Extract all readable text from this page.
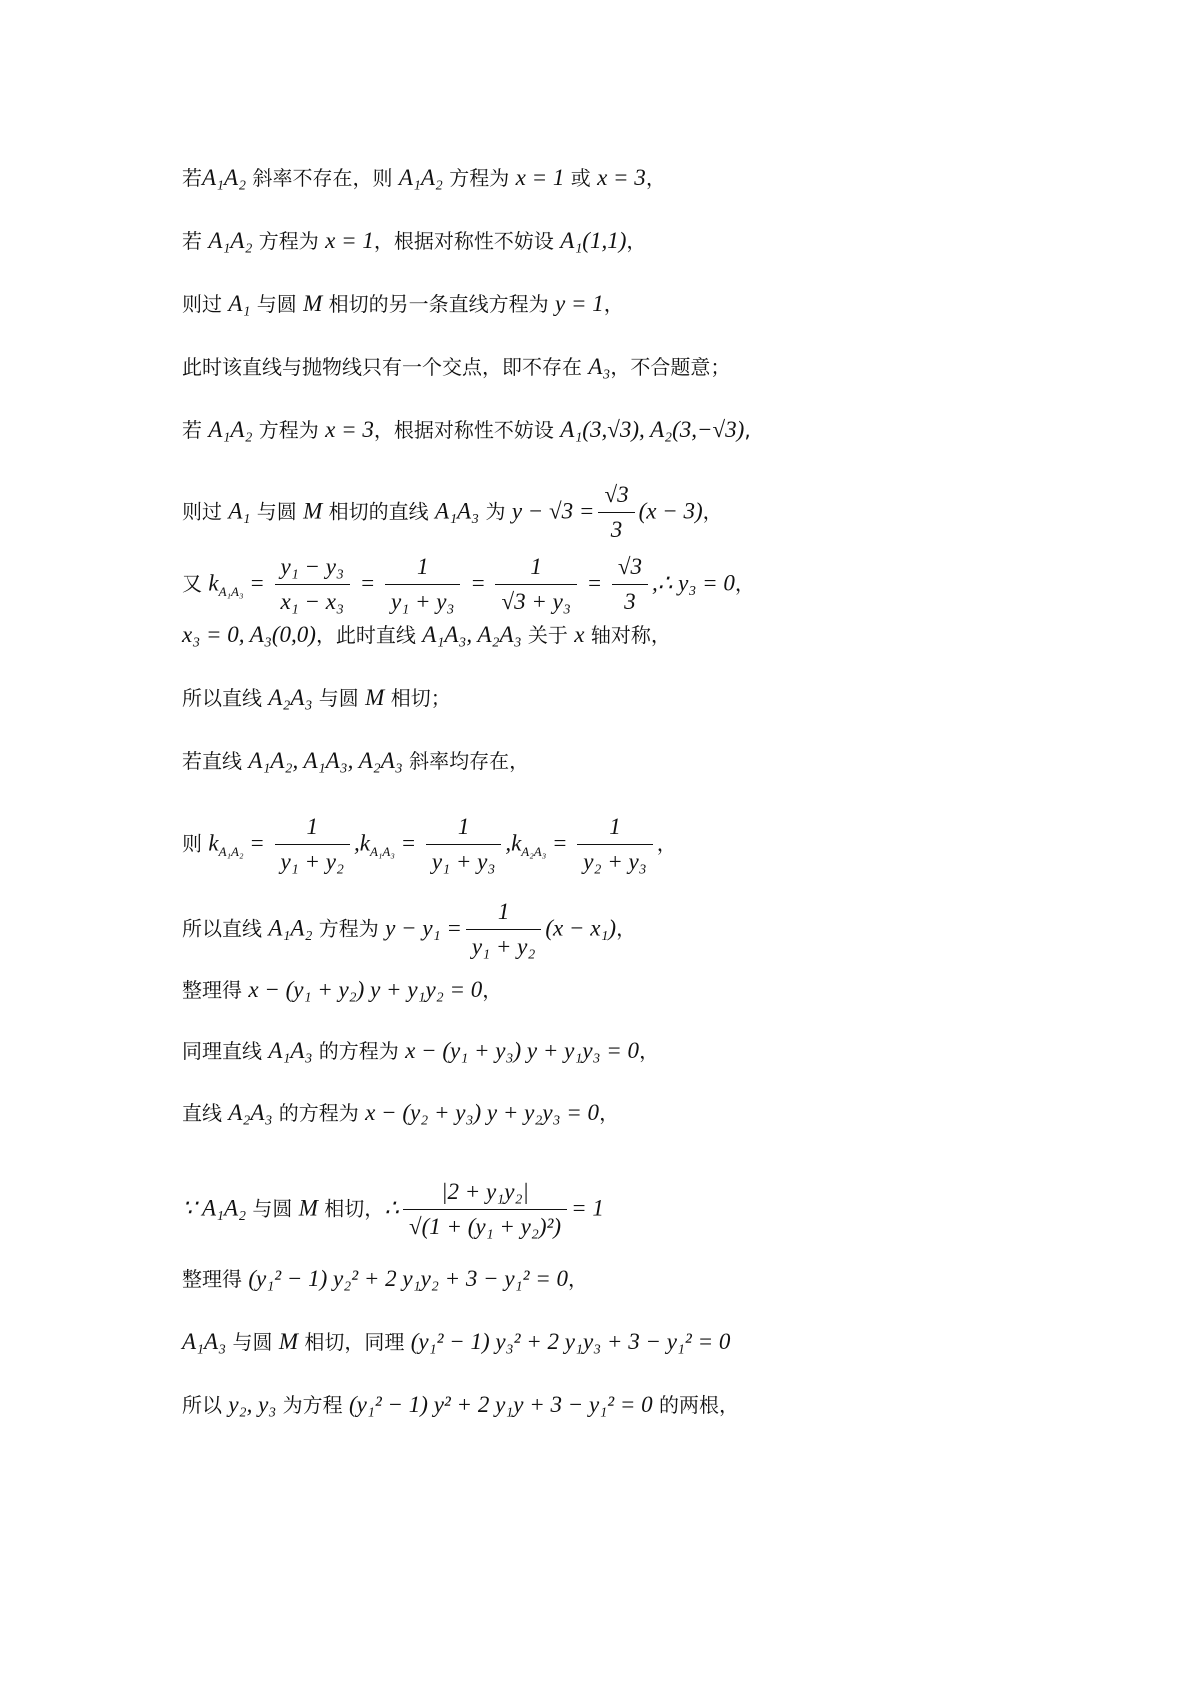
若A₁A₂ 斜率不存在，则 A₁A₂ 方程为 x = 1 或 x = 3，
若 A₁A₂ 方程为 x = 1，根据对称性不妨设 A₁(1,1)，
则过 A₁ 与圆 M 相切的另一条直线方程为 y = 1，
此时该直线与抛物线只有一个交点，即不存在 A₃，不合题意；
若 A₁A₂ 方程为 x = 3，根据对称性不妨设 A₁(3,√3), A₂(3,−√3),
则过 A₁ 与圆 M 相切的直线 A₁A₃ 为 $y - √3 = \frac{√3}{3} (x - 3)$，
又 $k_{A_1A_3} = \frac{\text{y₁ − y₃}}{\text{x₁ − x₃}} = \frac{1}{\text{y₁ + y₃}} = \frac{1}{\text{√3 + y₃}} = \frac{√3}{3}$ ,∴ y₃ = 0，
x₃ = 0, A₃(0,0)，此时直线 A₁A₃, A₂A₃ 关于 x 轴对称，
所以直线 A₂A₃ 与圆 M 相切；
若直线 A₁A₂, A₁A₃, A₂A₃ 斜率均存在，
则 $k_{A_1A_2} = \frac{1}{\text{y₁ + y₂}} ,k_{A_1A_3} = \frac{1}{\text{y₁ + y₃}} ,k_{A_2A_3} = \frac{1}{\text{y₂ + y₃}}$ ，
所以直线 A₁A₂ 方程为 $y - y_1 = \frac{1}{\text{y₁ + y₂}} (x - x_1)$，
整理得 x − (y₁ + y₂) y + y₁y₂ = 0，
同理直线 A₁A₃ 的方程为 x − (y₁ + y₃) y + y₁y₃ = 0，
直线 A₂A₃ 的方程为 x − (y₂ + y₃) y + y₂y₃ = 0，
∵ A₁A₂ 与圆 M 相切，∴ $\frac{\text{|2 + y₁y₂|}}{\text{√(1 + (y₁ + y₂)²)}} = 1$
整理得 (y₁² − 1) y₂² + 2 y₁y₂ + 3 − y₁² = 0，
A₁A₃ 与圆 M 相切，同理 (y₁² − 1) y₃² + 2 y₁y₃ + 3 − y₁² = 0
所以 y₂, y₃ 为方程 (y₁² − 1) y² + 2 y₁y + 3 − y₁² = 0 的两根，
